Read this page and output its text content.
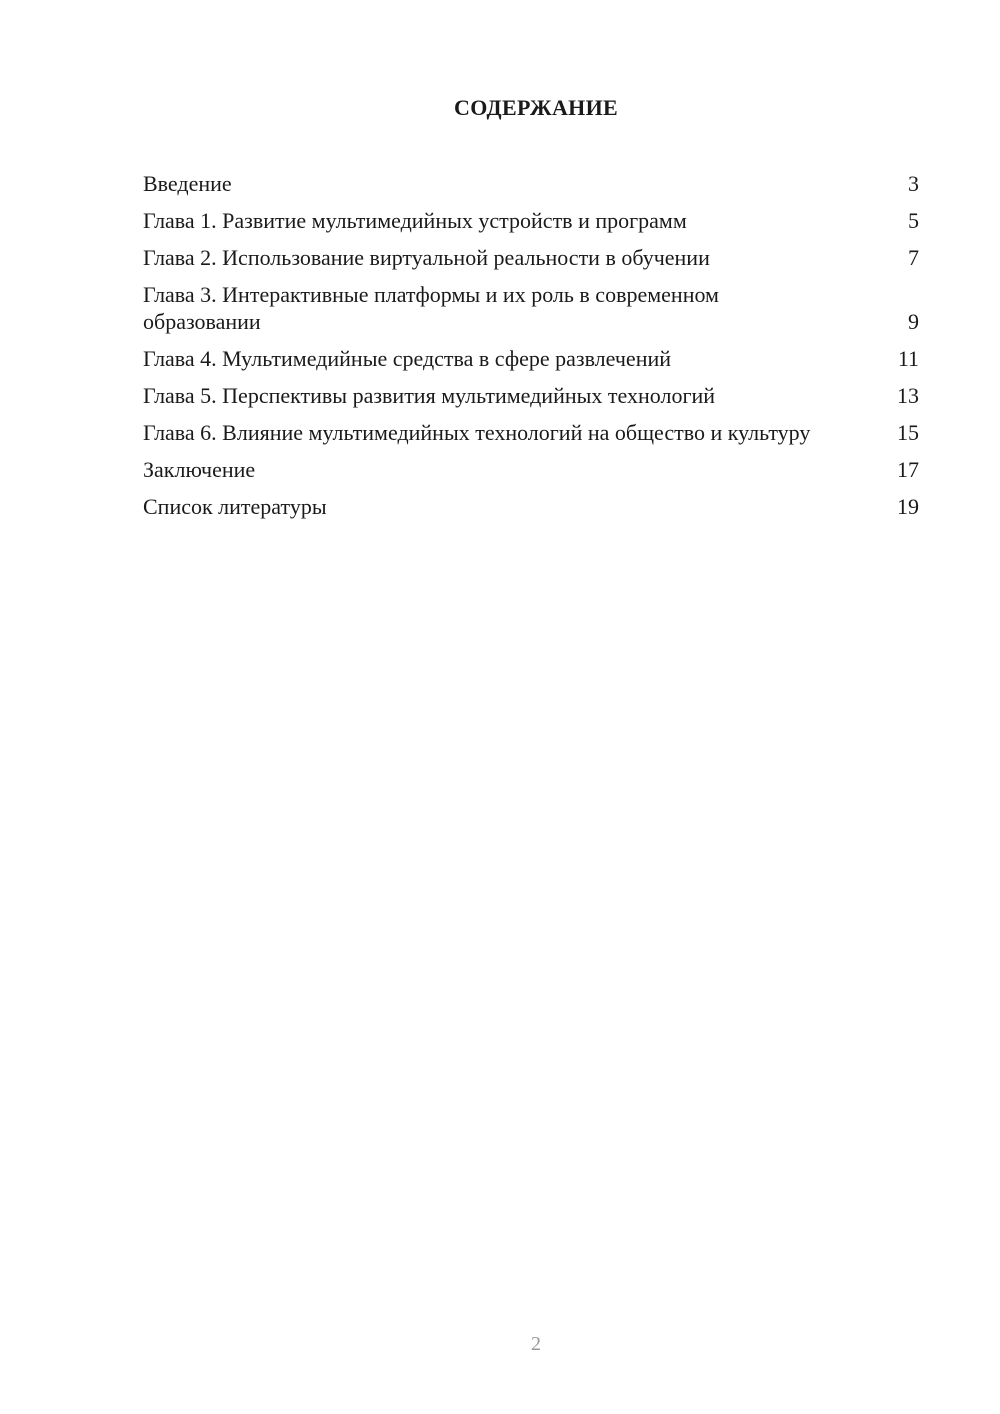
СОДЕРЖАНИЕ
Введение	3
Глава 1. Развитие мультимедийных устройств и программ	5
Глава 2. Использование виртуальной реальности в обучении	7
Глава 3. Интерактивные платформы и их роль в современном образовании	9
Глава 4. Мультимедийные средства в сфере развлечений	11
Глава 5. Перспективы развития мультимедийных технологий	13
Глава 6. Влияние мультимедийных технологий на общество и культуру	15
Заключение	17
Список литературы	19
2
